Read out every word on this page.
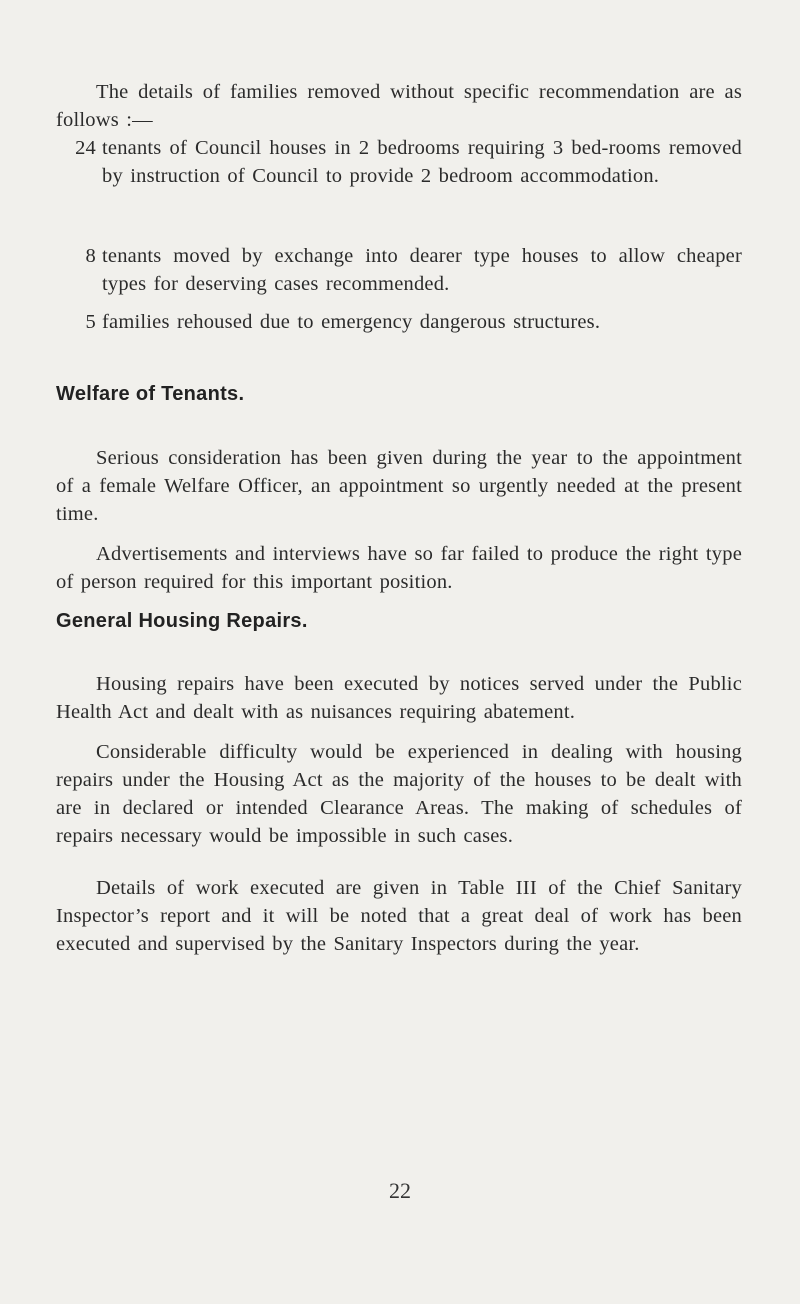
The details of families removed without specific recommendation are as follows :—

24 tenants of Council houses in 2 bedrooms requiring 3 bed-rooms removed by instruction of Council to provide 2 bedroom accommodation.
8 tenants moved by exchange into dearer type houses to allow cheaper types for deserving cases recommended.
5 families rehoused due to emergency dangerous structures.
Welfare of Tenants.

Serious consideration has been given during the year to the appointment of a female Welfare Officer, an appointment so urgently needed at the present time.

Advertisements and interviews have so far failed to produce the right type of person required for this important position.

General Housing Repairs.

Housing repairs have been executed by notices served under the Public Health Act and dealt with as nuisances requiring abatement.

Considerable difficulty would be experienced in dealing with housing repairs under the Housing Act as the majority of the houses to be dealt with are in declared or intended Clearance Areas. The making of schedules of repairs necessary would be impossible in such cases.

Details of work executed are given in Table III of the Chief Sanitary Inspector’s report and it will be noted that a great deal of work has been executed and supervised by the Sanitary Inspectors during the year.

22
